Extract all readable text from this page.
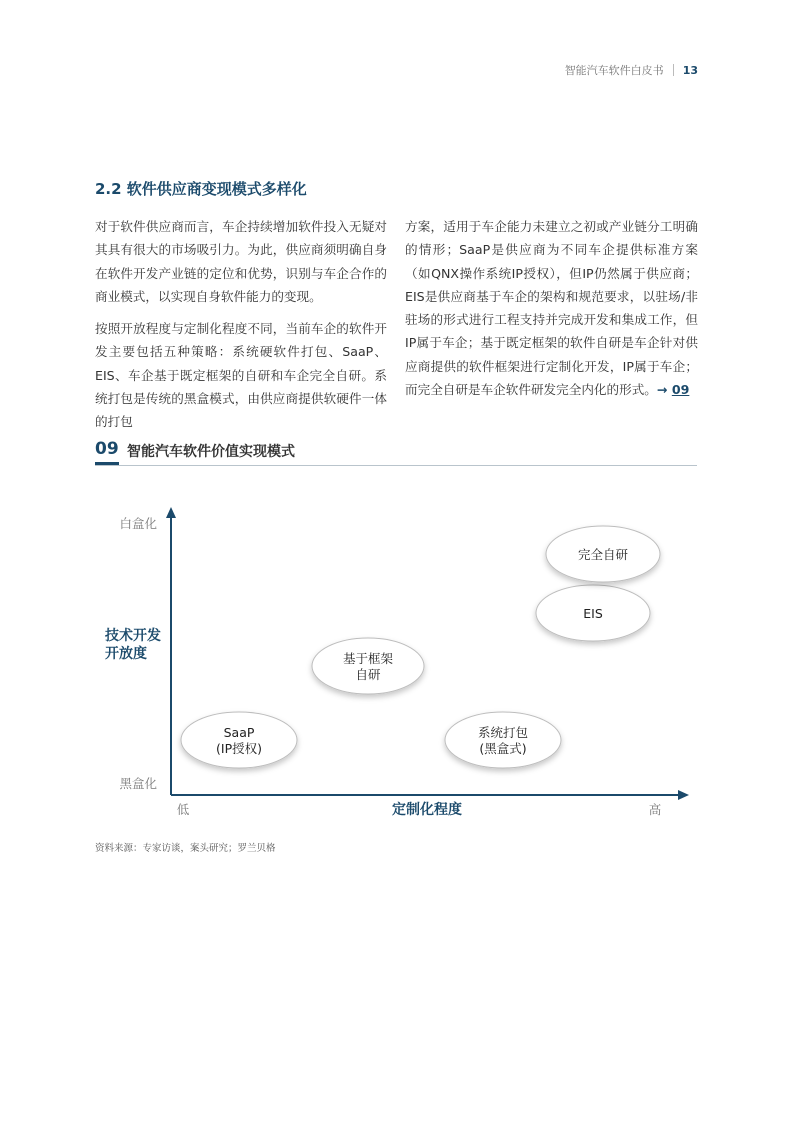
智能汽车软件白皮书 13
2.2 软件供应商变现模式多样化

对于软件供应商而言，车企持续增加软件投入无疑对其具有很大的市场吸引力。为此，供应商须明确自身在软件开发产业链的定位和优势，识别与车企合作的商业模式，以实现自身软件能力的变现。

按照开放程度与定制化程度不同，当前车企的软件开发主要包括五种策略：系统硬软件打包、SaaP、EIS、车企基于既定框架的自研和车企完全自研。系统打包是传统的黑盒模式，由供应商提供软硬件一体的打包

方案，适用于车企能力未建立之初或产业链分工明确的情形；SaaP是供应商为不同车企提供标准方案（如QNX操作系统IP授权），但IP仍然属于供应商；EIS是供应商基于车企的架构和规范要求，以驻场/非驻场的形式进行工程支持并完成开发和集成工作，但IP属于车企；基于既定框架的软件自研是车企针对供应商提供的软件框架进行定制化开发，IP属于车企；而完全自研是车企软件研发完全内化的形式。→ 09

09 智能汽车软件价值实现模式
白盒化
黑盒化
技术开发
开放度
低	定制化程度	高
SaaP
(IP授权)
基于框架
自研
系统打包
(黑盒式)
EIS
完全自研
资料来源：专家访谈，案头研究；罗兰贝格
